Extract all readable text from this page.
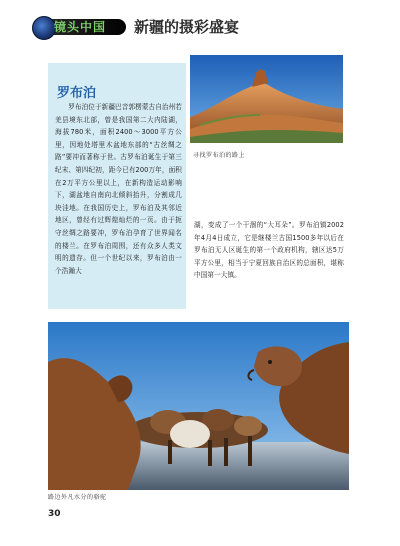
镜头中国 新疆的摄彩盛宴
罗布泊

罗布泊位于新疆巴音郭楞蒙古自治州若羌县境东北部，曾是我国第二大内陆湖，海拔780米，面积2400～3000平方公里，因地处塔里木盆地东部的“古丝绸之路”要冲而著称于世。古罗布泊诞生于第三纪末、第四纪初，距今已有200万年，面积在2万平方公里以上，在新构造运动影响下，湖盆地自南向北倾斜抬升，分割成几块洼地。在我国历史上，罗布泊及其邻近地区，曾经有过辉煌灿烂的一页。由于扼守丝绸之路要冲，罗布泊孕育了世界闻名的楼兰。在罗布泊周围，还有众多人类文明的遗存。但一个世纪以来，罗布泊由一个浩瀚大

湖，变成了一个干涸的“大耳朵”。罗布泊镇2002年4月4日成立，它是继楼兰古国1500多年以后在罗布泊无人区诞生的第一个政府机构，辖区达5万平方公里，相当于宁夏回族自治区的总面积，堪称中国第一大镇。

寻找罗布泊的路上
路边外凡水分的骆驼
30
